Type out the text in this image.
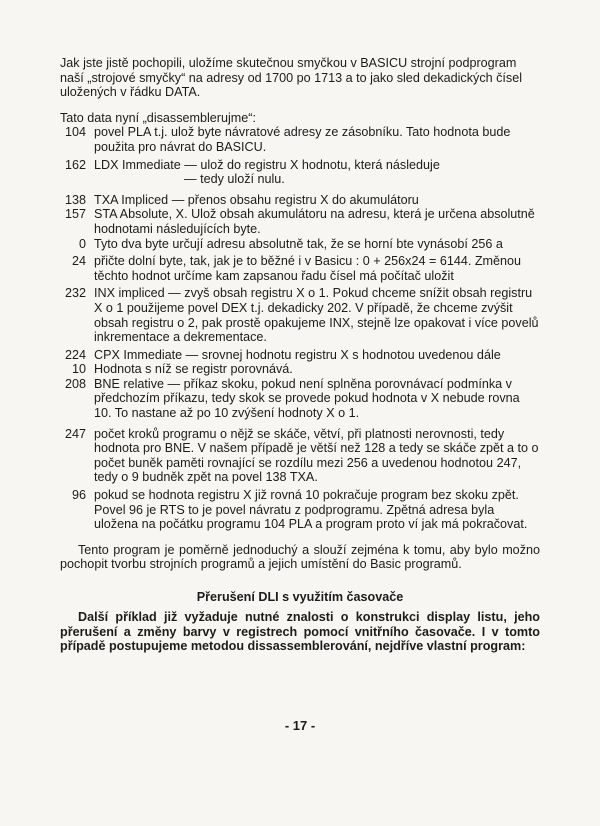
Jak jste jistě pochopili, uložíme skutečnou smyčkou v BASICU strojní podprogram naší „strojové smyčky“ na adresy od 1700 po 1713 a to jako sled dekadických čísel uložených v řádku DATA.

Tato data nyní „disassemblerujme“:

104 povel PLA t.j. ulož byte návratové adresy ze zásobníku. Tato hodnota bude použita pro návrat do BASICU.
162 LDX Immediate — ulož do registru X hodnotu, která následuje
— tedy uloží nulu.
138 TXA Impliced — přenos obsahu registru X do akumulátoru
157 STA Absolute, X. Ulož obsah akumulátoru na adresu, která je určena absolutně hodnotami následujících byte.
0 Tyto dva byte určují adresu absolutně tak, že se horní bte vynásobí 256 a
24 přičte dolní byte, tak, jak je to běžné i v Basicu : 0 + 256x24 = 6144. Změnou těchto hodnot určíme kam zapsanou řadu čísel má počítač uložit
232 INX impliced — zvyš obsah registru X o 1. Pokud chceme snížit obsah registru X o 1 použijeme povel DEX t.j. dekadicky 202. V případě, že chceme zvýšit obsah registru o 2, pak prostě opakujeme INX, stejně lze opakovat i více povelů inkrementace a dekrementace.
224 CPX Immediate — srovnej hodnotu registru X s hodnotou uvedenou dále
10 Hodnota s níž se registr porovnává.
208 BNE relative — příkaz skoku, pokud není splněna porovnávací podmínka v předchozím příkazu, tedy skok se provede pokud hodnota v X nebude rovna 10. To nastane až po 10 zvýšení hodnoty X o 1.
247 počet kroků programu o nějž se skáče, větví, při platnosti nerovnosti, tedy hodnota pro BNE. V našem případě je větší než 128 a tedy se skáče zpět a to o počet buněk paměti rovnající se rozdílu mezi 256 a uvedenou hodnotou 247, tedy o 9 budněk zpět na povel 138 TXA.
96 pokud se hodnota registru X již rovná 10 pokračuje program bez skoku zpět. Povel 96 je RTS to je povel návratu z podprogramu. Zpětná adresa byla uložena na počátku programu 104 PLA a program proto ví jak má pokračovat.

Tento program je poměrně jednoduchý a slouží zejména k tomu, aby bylo možno pochopit tvorbu strojních programů a jejich umístění do Basic programů.

Přerušení DLI s využitím časovače

Další příklad již vyžaduje nutné znalosti o konstrukci display listu, jeho přerušení a změny barvy v registrech pomocí vnitřního časovače. I v tomto případě postupujeme metodou dissassemblerování, nejdříve vlastní program:

- 17 -
